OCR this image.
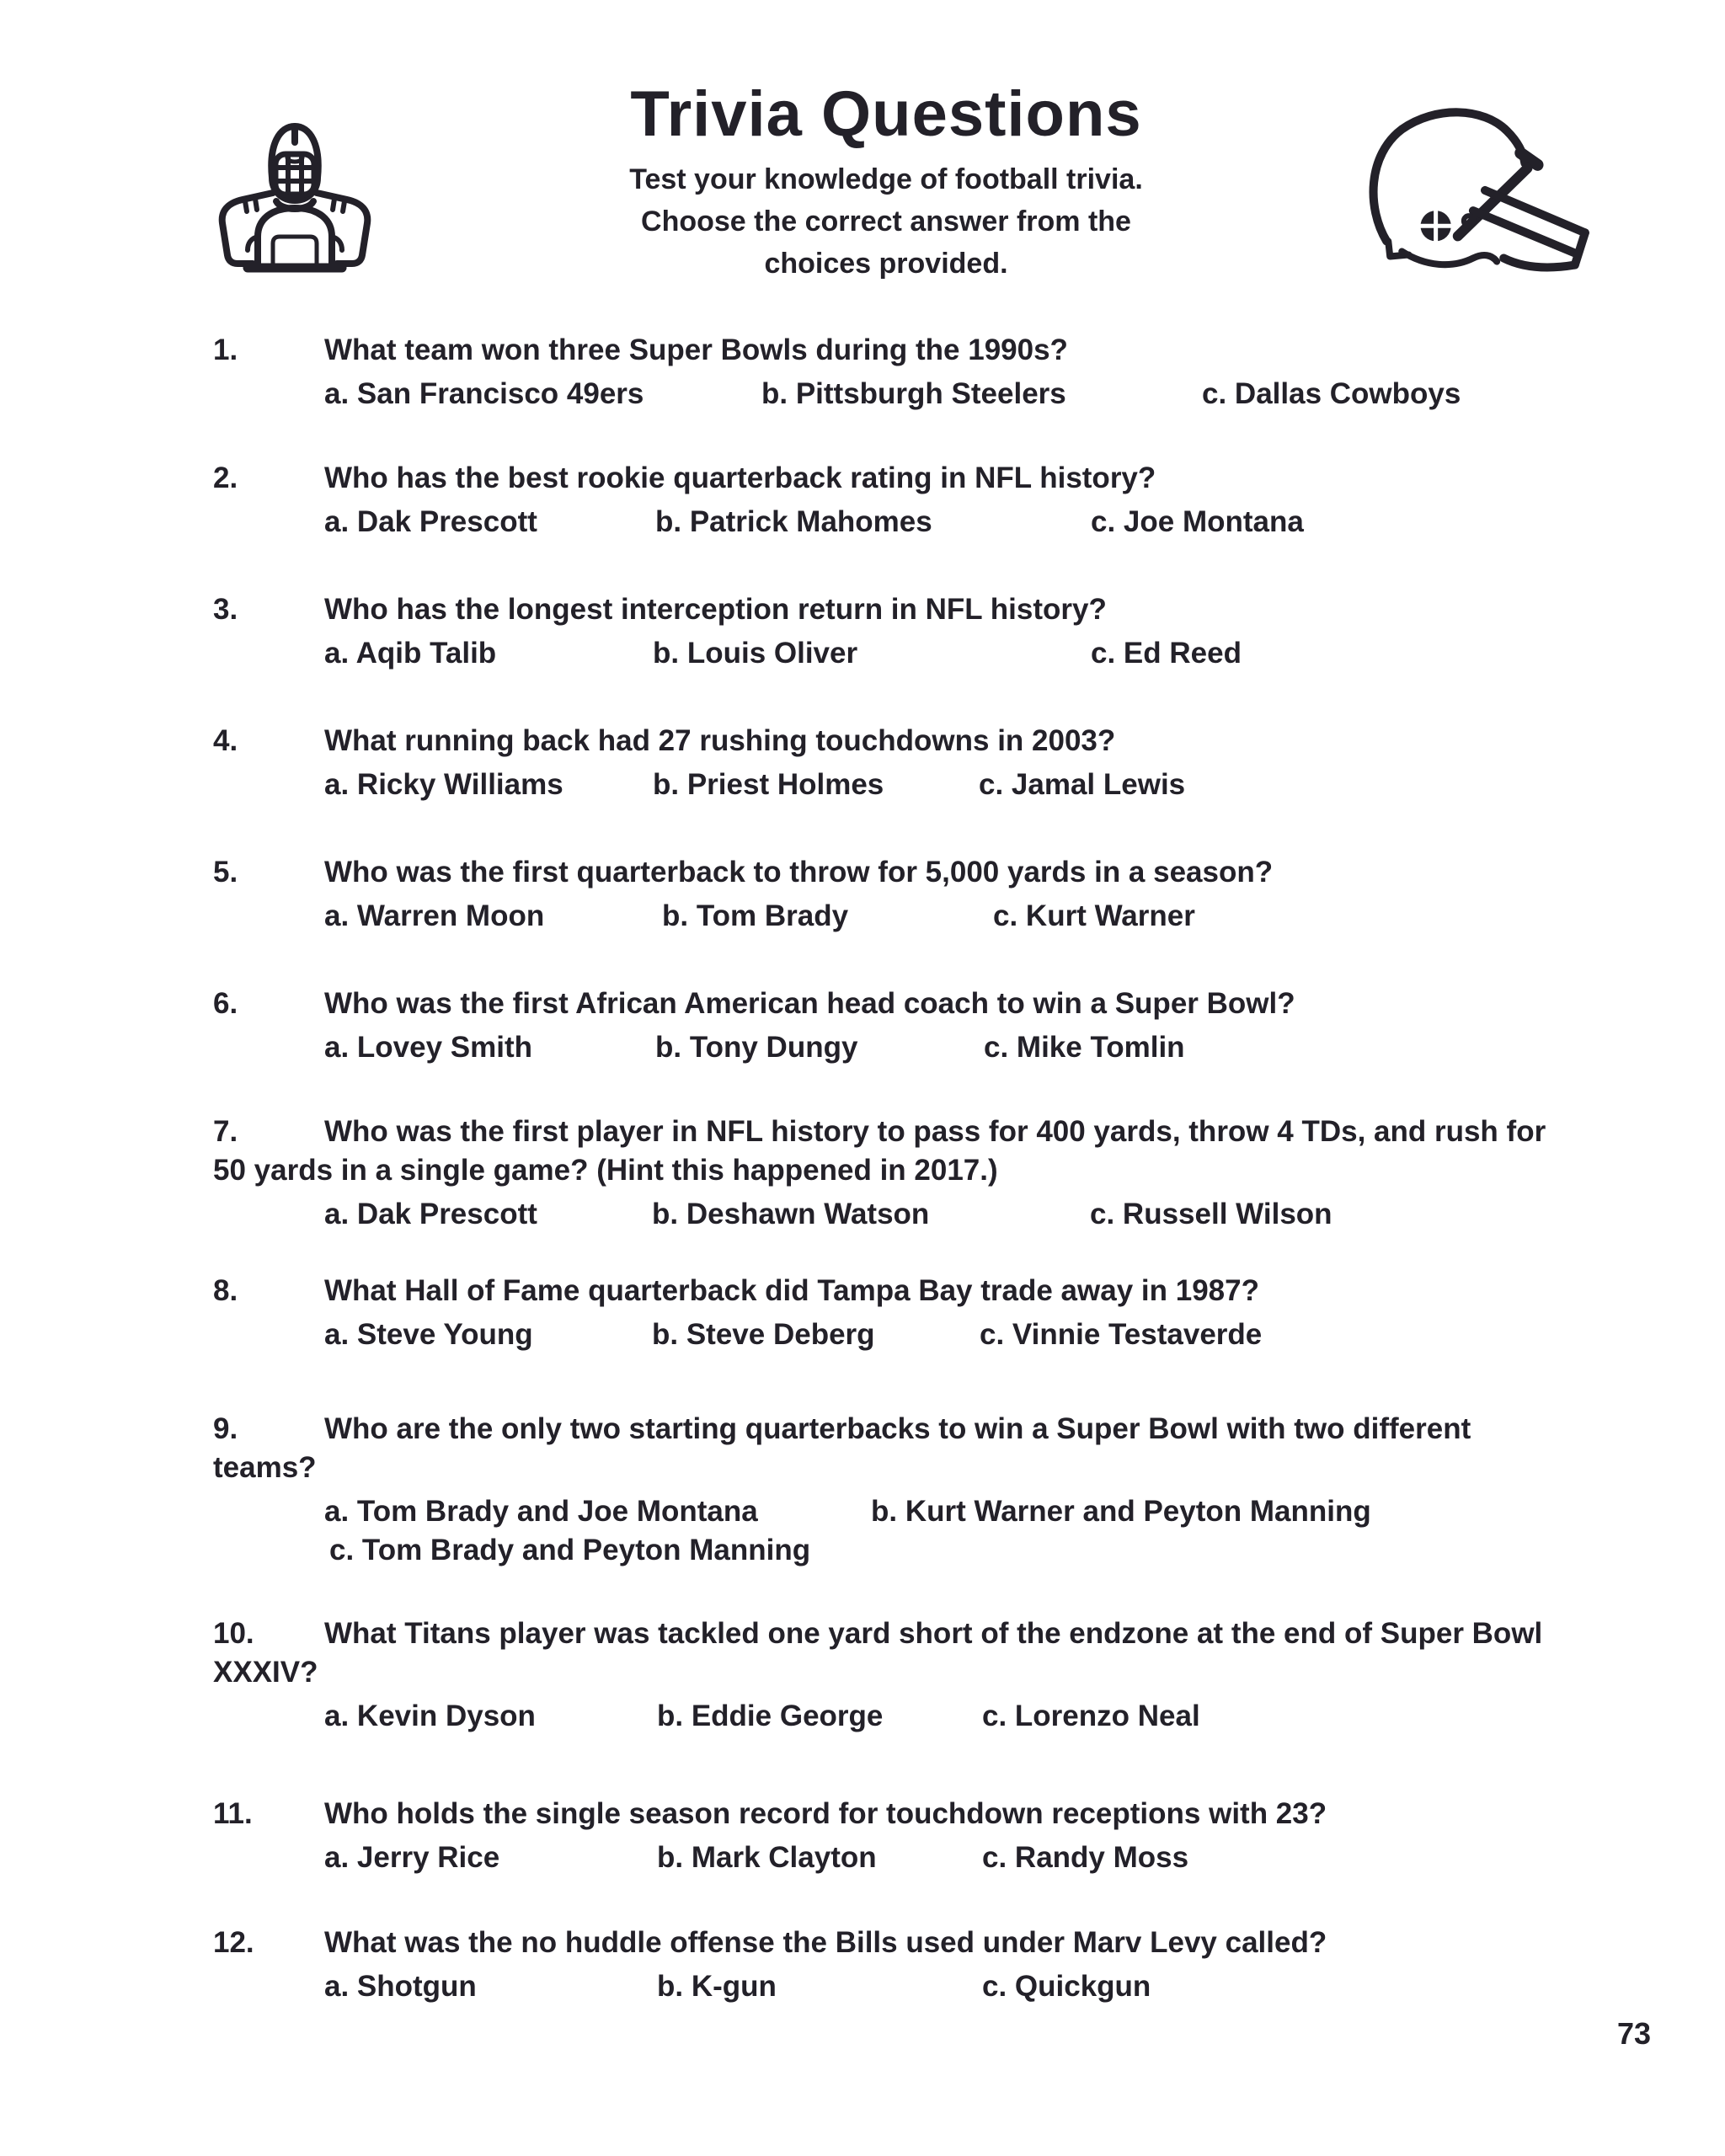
Trivia Questions
Test your knowledge of football trivia.
Choose the correct answer from the
choices provided.
1.	What team won three Super Bowls during the 1990s?
a. San Francisco 49ers	b. Pittsburgh Steelers	c. Dallas Cowboys
2.	Who has the best rookie quarterback rating in NFL history?
a. Dak Prescott	b. Patrick Mahomes	c. Joe Montana
3.	Who has the longest interception return in NFL history?
a. Aqib Talib	b. Louis Oliver	c. Ed Reed
4.	What running back had 27 rushing touchdowns in 2003?
a. Ricky Williams	b. Priest Holmes	c. Jamal Lewis
5.	Who was the first quarterback to throw for 5,000 yards in a season?
a. Warren Moon	b. Tom Brady	c. Kurt Warner
6.	Who was the first African American head coach to win a Super Bowl?
a. Lovey Smith	b. Tony Dungy	c. Mike Tomlin
7.	Who was the first player in NFL history to pass for 400 yards, throw 4 TDs, and rush for
50 yards in a single game? (Hint this happened in 2017.)
a. Dak Prescott	b. Deshawn Watson	c. Russell Wilson
8.	What Hall of Fame quarterback did Tampa Bay trade away in 1987?
a. Steve Young	b. Steve Deberg	c. Vinnie Testaverde
9.	Who are the only two starting quarterbacks to win a Super Bowl with two different
teams?
a. Tom Brady and Joe Montana	b. Kurt Warner and Peyton Manning
c. Tom Brady and Peyton Manning
10. What Titans player was tackled one yard short of the endzone at the end of Super Bowl
XXXIV?
a. Kevin Dyson	b. Eddie George	c. Lorenzo Neal
11. Who holds the single season record for touchdown receptions with 23?
a. Jerry Rice	b. Mark Clayton	c. Randy Moss
12. What was the no huddle offense the Bills used under Marv Levy called?
a. Shotgun	b. K-gun	c. Quickgun
73
